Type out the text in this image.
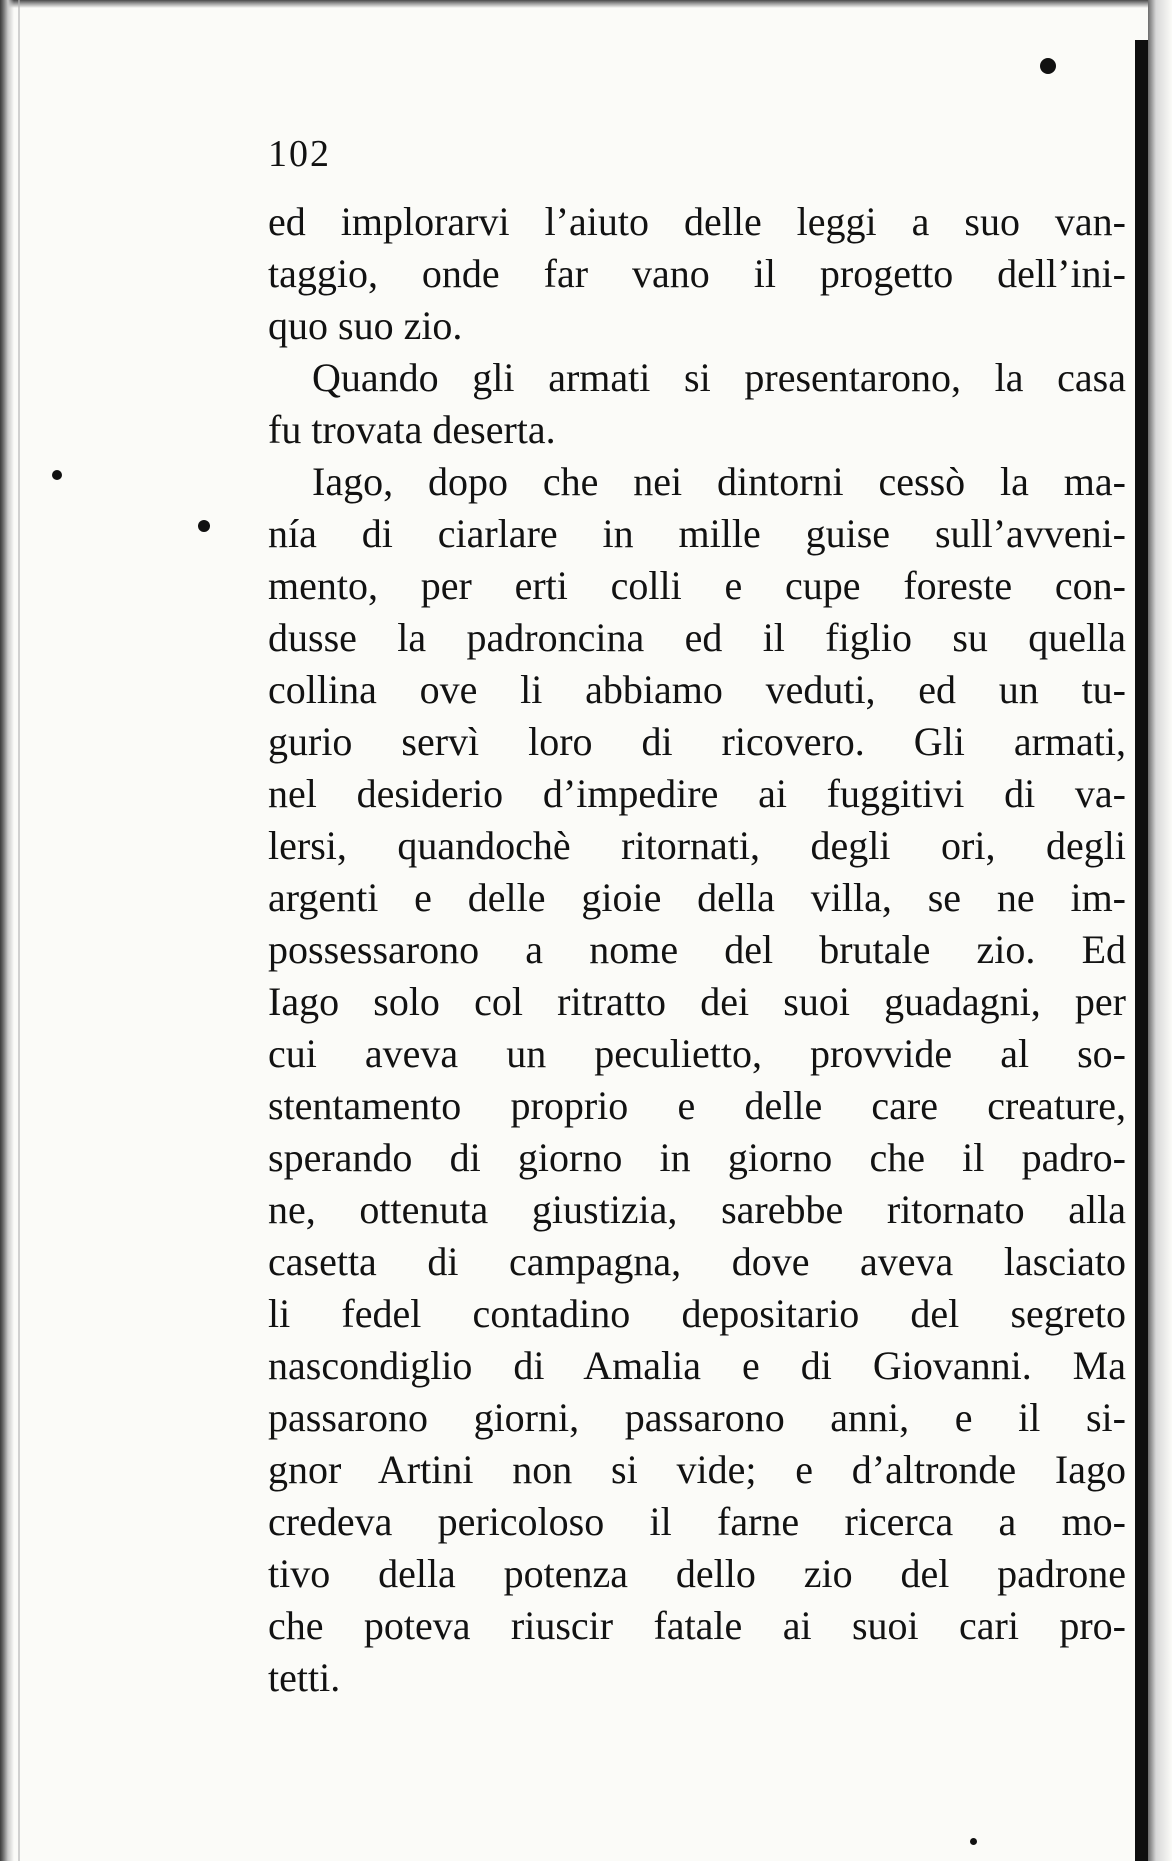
102
ed implorarvi l’aiuto delle leggi a suo van-
taggio, onde far vano il progetto dell’ini-
quo suo zio.
Quando gli armati si presentarono, la casa
fu trovata deserta.
Iago, dopo che nei dintorni cessò la ma-
nía di ciarlare in mille guise sull’avveni-
mento, per erti colli e cupe foreste con-
dusse la padroncina ed il figlio su quella
collina ove li abbiamo veduti, ed un tu-
gurio servì loro di ricovero. Gli armati,
nel desiderio d’impedire ai fuggitivi di va-
lersi, quandochè ritornati, degli ori, degli
argenti e delle gioie della villa, se ne im-
possessarono a nome del brutale zio. Ed
Iago solo col ritratto dei suoi guadagni, per
cui aveva un peculietto, provvide al so-
stentamento proprio e delle care creature,
sperando di giorno in giorno che il padro-
ne, ottenuta giustizia, sarebbe ritornato alla
casetta di campagna, dove aveva lasciato
li fedel contadino depositario del segreto
nascondiglio di Amalia e di Giovanni. Ma
passarono giorni, passarono anni, e il si-
gnor Artini non si vide; e d’altronde Iago
credeva pericoloso il farne ricerca a mo-
tivo della potenza dello zio del padrone
che poteva riuscir fatale ai suoi cari pro-
tetti.
